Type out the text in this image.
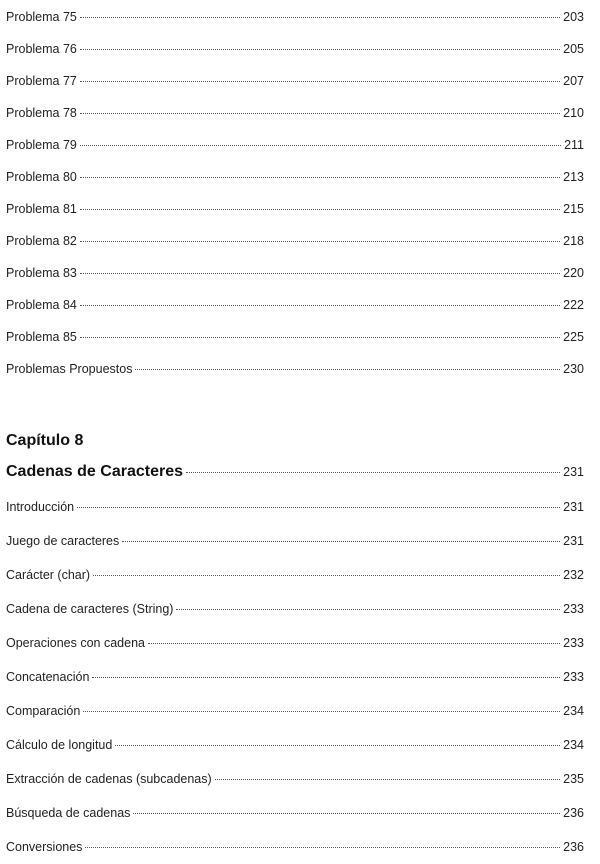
Problema 75	203
Problema 76	205
Problema 77	207
Problema 78	210
Problema 79	211
Problema 80	213
Problema 81	215
Problema 82	218
Problema 83	220
Problema 84	222
Problema 85	225
Problemas Propuestos	230
Capítulo 8
Cadenas de Caracteres	231
Introducción	231
Juego de caracteres	231
Carácter (char)	232
Cadena de caracteres (String)	233
Operaciones con cadena	233
Concatenación	233
Comparación	234
Cálculo de longitud	234
Extracción de cadenas (subcadenas)	235
Búsqueda de cadenas	236
Conversiones	236
